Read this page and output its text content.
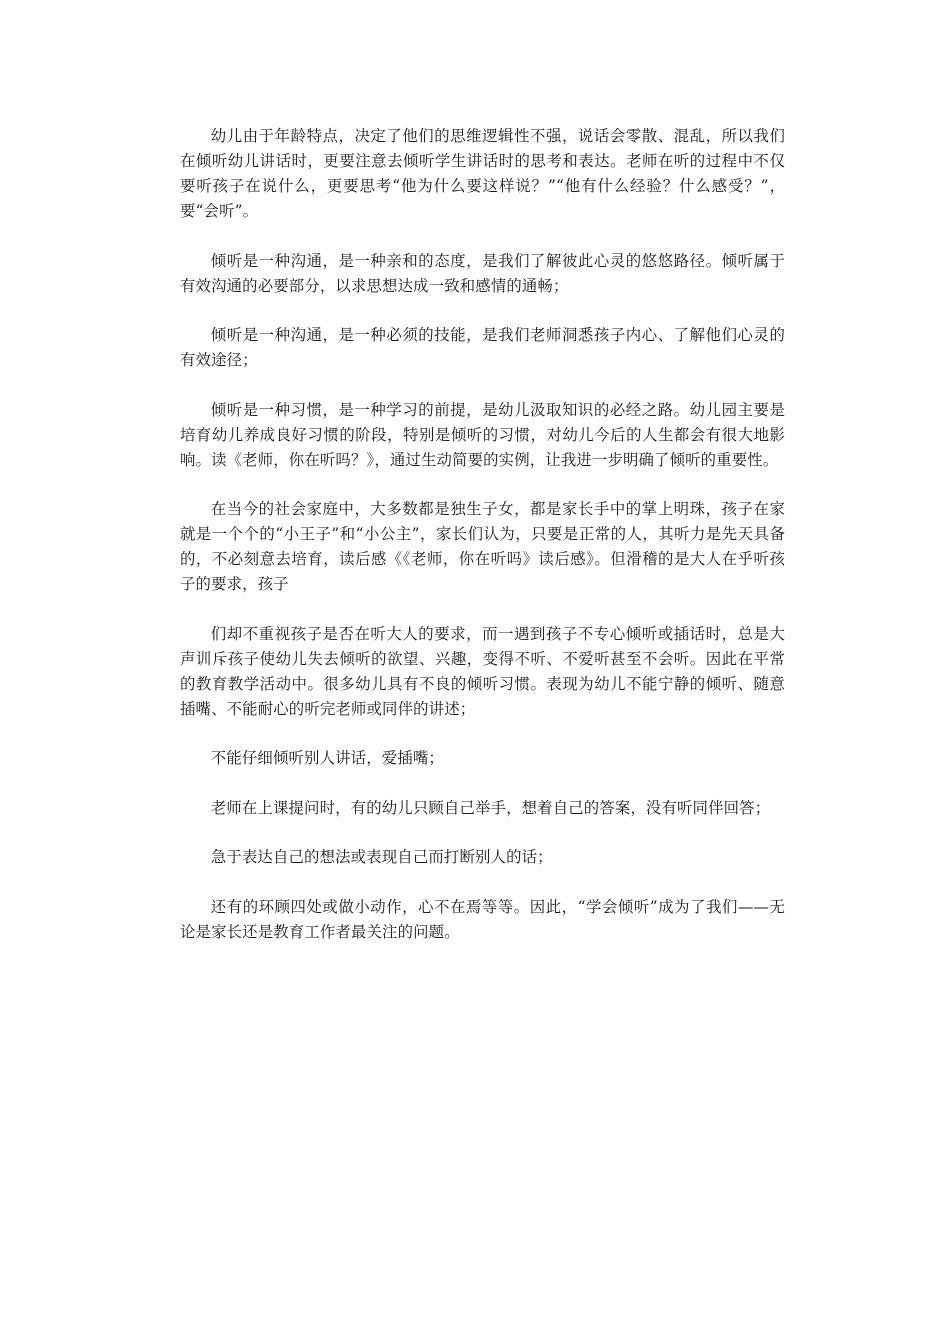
幼儿由于年龄特点，决定了他们的思维逻辑性不强，说话会零散、混乱，所以我们在倾听幼儿讲话时，更要注意去倾听学生讲话时的思考和表达。老师在听的过程中不仅要听孩子在说什么，更要思考“他为什么要这样说？”“他有什么经验？什么感受？”，要“会听”。

倾听是一种沟通，是一种亲和的态度，是我们了解彼此心灵的悠悠路径。倾听属于有效沟通的必要部分，以求思想达成一致和感情的通畅；

倾听是一种沟通，是一种必须的技能，是我们老师洞悉孩子内心、了解他们心灵的有效途径；

倾听是一种习惯，是一种学习的前提，是幼儿汲取知识的必经之路。幼儿园主要是培育幼儿养成良好习惯的阶段，特别是倾听的习惯，对幼儿今后的人生都会有很大地影响。读《老师，你在听吗？》，通过生动简要的实例，让我进一步明确了倾听的重要性。

在当今的社会家庭中，大多数都是独生子女，都是家长手中的掌上明珠，孩子在家就是一个个的“小王子”和“小公主”，家长们认为，只要是正常的人，其听力是先天具备的，不必刻意去培育，读后感《《老师，你在听吗》读后感》。但滑稽的是大人在乎听孩子的要求，孩子

们却不重视孩子是否在听大人的要求，而一遇到孩子不专心倾听或插话时，总是大声训斥孩子使幼儿失去倾听的欲望、兴趣，变得不听、不爱听甚至不会听。因此在平常的教育教学活动中。很多幼儿具有不良的倾听习惯。表现为幼儿不能宁静的倾听、随意插嘴、不能耐心的听完老师或同伴的讲述；

不能仔细倾听别人讲话，爱插嘴；

老师在上课提问时，有的幼儿只顾自己举手，想着自己的答案，没有听同伴回答；

急于表达自己的想法或表现自己而打断别人的话；

还有的环顾四处或做小动作，心不在焉等等。因此，“学会倾听”成为了我们——无论是家长还是教育工作者最关注的问题。
